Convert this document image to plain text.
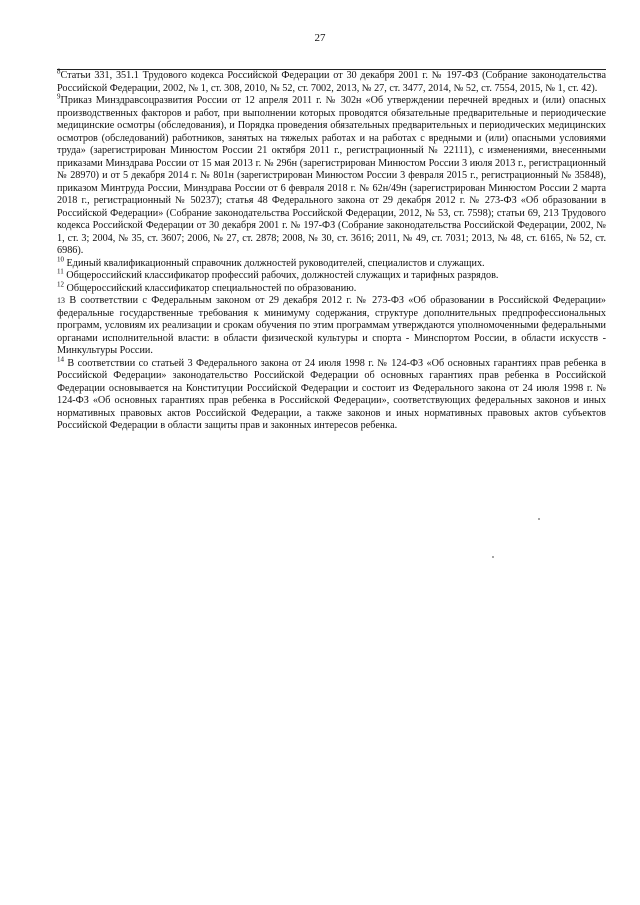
27

$^8$Статьи 331, 351.1 Трудового кодекса Российской Федерации от 30 декабря 2001 г. № 197-ФЗ (Собрание законодательства Российской Федерации, 2002, № 1, ст. 308, 2010, № 52, ст. 7002, 2013, № 27, ст. 3477, 2014, № 52, ст. 7554, 2015, № 1, ст. 42).

$^9$Приказ Минздравсоцразвития России от 12 апреля 2011 г. № 302н «Об утверждении перечней вредных и (или) опасных производственных факторов и работ, при выполнении которых проводятся обязательные предварительные и периодические медицинские осмотры (обследования), и Порядка проведения обязательных предварительных и периодических медицинских осмотров (обследований) работников, занятых на тяжелых работах и на работах с вредными и (или) опасными условиями труда» (зарегистрирован Минюстом России 21 октября 2011 г., регистрационный № 22111), с изменениями, внесенными приказами Минздрава России от 15 мая 2013 г. № 296н (зарегистрирован Минюстом России 3 июля 2013 г., регистрационный № 28970) и от 5 декабря 2014 г. № 801н (зарегистрирован Минюстом России 3 февраля 2015 г., регистрационный № 35848), приказом Минтруда России, Минздрава России от 6 февраля 2018 г. № 62н/49н (зарегистрирован Минюстом России 2 марта 2018 г., регистрационный № 50237); статья 48 Федерального закона от 29 декабря 2012 г. № 273-ФЗ «Об образовании в Российской Федерации» (Собрание законодательства Российской Федерации, 2012, № 53, ст. 7598); статьи 69, 213 Трудового кодекса Российской Федерации от 30 декабря 2001 г. № 197-ФЗ (Собрание законодательства Российской Федерации, 2002, № 1, ст. 3; 2004, № 35, ст. 3607; 2006, № 27, ст. 2878; 2008, № 30, ст. 3616; 2011, № 49, ст. 7031; 2013, № 48, ст. 6165, № 52, ст. 6986).

$^{10}$ Единый квалификационный справочник должностей руководителей, специалистов и служащих.

$^{11}$ Общероссийский классификатор профессий рабочих, должностей служащих и тарифных разрядов.

$^{12}$ Общероссийский классификатор специальностей по образованию.

13 В соответствии с Федеральным законом от 29 декабря 2012 г. № 273-ФЗ «Об образовании в Российской Федерации» федеральные государственные требования к минимуму содержания, структуре дополнительных предпрофессиональных программ, условиям их реализации и срокам обучения по этим программам утверждаются уполномоченными федеральными органами исполнительной власти: в области физической культуры и спорта - Минспортом России, в области искусств - Минкультуры России.

$^{14}$ В соответствии со статьей 3 Федерального закона от 24 июля 1998 г. № 124-ФЗ «Об основных гарантиях прав ребенка в Российской Федерации» законодательство Российской Федерации об основных гарантиях прав ребенка в Российской Федерации основывается на Конституции Российской Федерации и состоит из Федерального закона от 24 июля 1998 г. № 124-ФЗ «Об основных гарантиях прав ребенка в Российской Федерации», соответствующих федеральных законов и иных нормативных правовых актов Российской Федерации, а также законов и иных нормативных правовых актов субъектов Российской Федерации в области защиты прав и законных интересов ребенка.
